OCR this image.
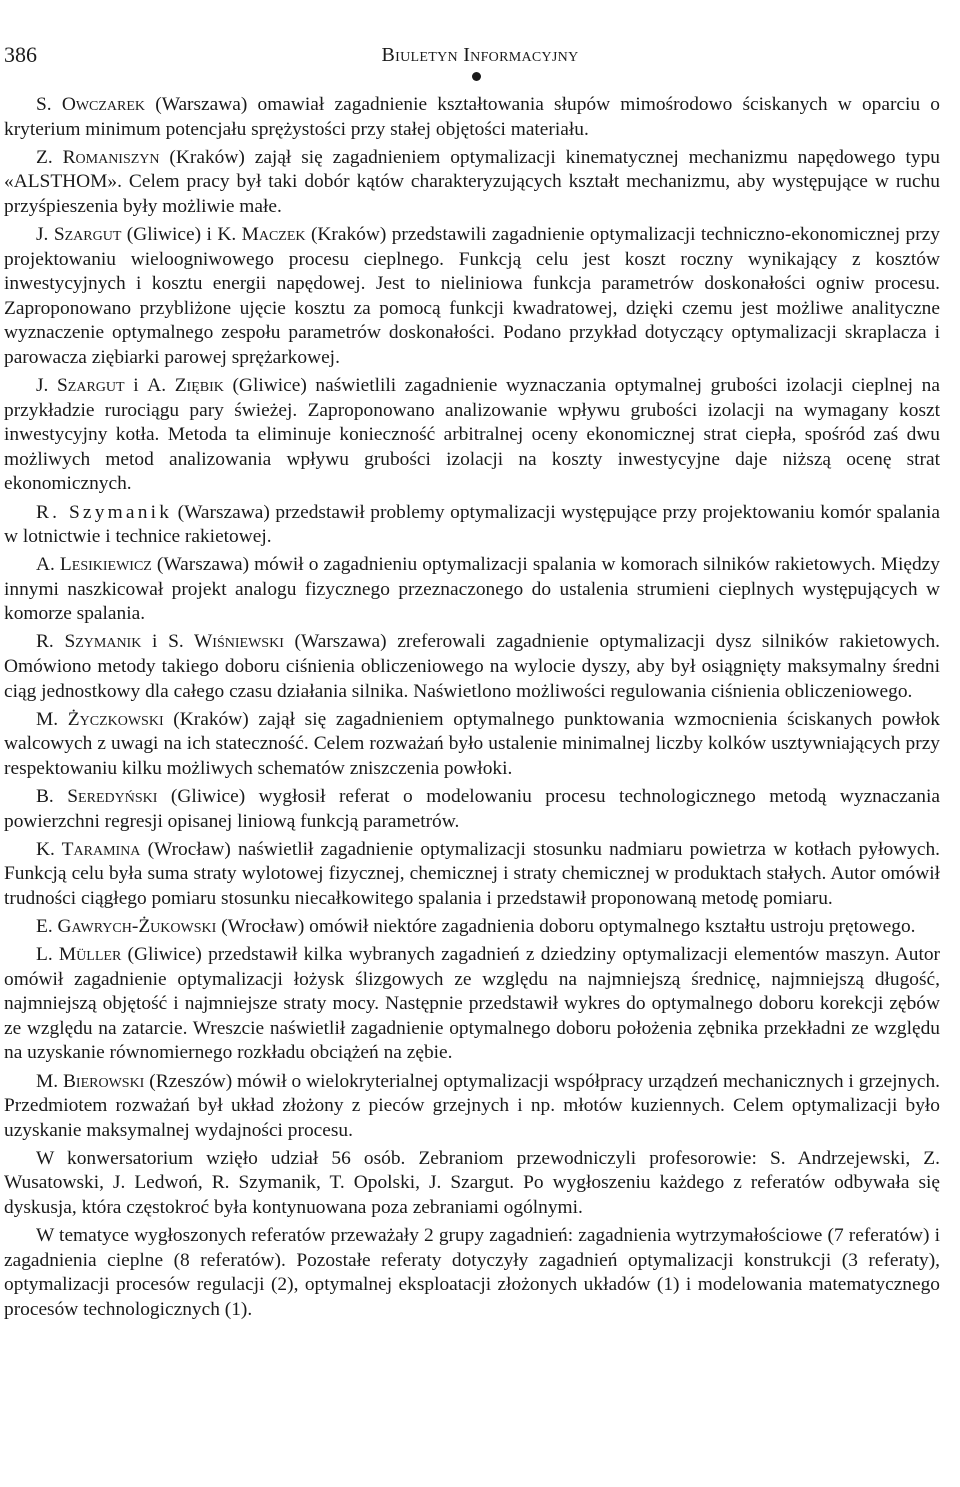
386	Biuletyn Informacyjny

S. Owczarek (Warszawa) omawiał zagadnienie kształtowania słupów mimośrodowo ściskanych w oparciu o kryterium minimum potencjału sprężystości przy stałej objętości materiału.

Z. Romaniszyn (Kraków) zajął się zagadnieniem optymalizacji kinematycznej mechanizmu napędowego typu «ALSTHOM». Celem pracy był taki dobór kątów charakteryzujących kształt mechanizmu, aby występujące w ruchu przyśpieszenia były możliwie małe.

J. Szargut (Gliwice) i K. Maczek (Kraków) przedstawili zagadnienie optymalizacji techniczno-ekonomicznej przy projektowaniu wieloogniwowego procesu cieplnego. Funkcją celu jest koszt roczny wynikający z kosztów inwestycyjnych i kosztu energii napędowej. Jest to nieliniowa funkcja parametrów doskonałości ogniw procesu. Zaproponowano przybliżone ujęcie kosztu za pomocą funkcji kwadratowej, dzięki czemu jest możliwe analityczne wyznaczenie optymalnego zespołu parametrów doskonałości. Podano przykład dotyczący optymalizacji skraplacza i parowacza ziębiarki parowej sprężarkowej.

J. Szargut i A. Ziębik (Gliwice) naświetlili zagadnienie wyznaczania optymalnej grubości izolacji cieplnej na przykładzie rurociągu pary świeżej. Zaproponowano analizowanie wpływu grubości izolacji na wymagany koszt inwestycyjny kotła. Metoda ta eliminuje konieczność arbitralnej oceny ekonomicznej strat ciepła, spośród zaś dwu możliwych metod analizowania wpływu grubości izolacji na koszty inwestycyjne daje niższą ocenę strat ekonomicznych.

R. Szymanik (Warszawa) przedstawił problemy optymalizacji występujące przy projektowaniu komór spalania w lotnictwie i technice rakietowej.

A. Lesikiewicz (Warszawa) mówił o zagadnieniu optymalizacji spalania w komorach silników rakietowych. Między innymi naszkicował projekt analogu fizycznego przeznaczonego do ustalenia strumieni cieplnych występujących w komorze spalania.

R. Szymanik i S. Wiśniewski (Warszawa) zreferowali zagadnienie optymalizacji dysz silników rakietowych. Omówiono metody takiego doboru ciśnienia obliczeniowego na wylocie dyszy, aby był osiągnięty maksymalny średni ciąg jednostkowy dla całego czasu działania silnika. Naświetlono możliwości regulowania ciśnienia obliczeniowego.

M. Życzkowski (Kraków) zajął się zagadnieniem optymalnego punktowania wzmocnienia ściskanych powłok walcowych z uwagi na ich stateczność. Celem rozważań było ustalenie minimalnej liczby kolków usztywniających przy respektowaniu kilku możliwych schematów zniszczenia powłoki.

B. Seredyński (Gliwice) wygłosił referat o modelowaniu procesu technologicznego metodą wyznaczania powierzchni regresji opisanej liniową funkcją parametrów.

K. Taramina (Wrocław) naświetlił zagadnienie optymalizacji stosunku nadmiaru powietrza w kotłach pyłowych. Funkcją celu była suma straty wylotowej fizycznej, chemicznej i straty chemicznej w produktach stałych. Autor omówił trudności ciągłego pomiaru stosunku niecałkowitego spalania i przedstawił proponowaną metodę pomiaru.

E. Gawrych-Żukowski (Wrocław) omówił niektóre zagadnienia doboru optymalnego kształtu ustroju prętowego.

L. Müller (Gliwice) przedstawił kilka wybranych zagadnień z dziedziny optymalizacji elementów maszyn. Autor omówił zagadnienie optymalizacji łożysk ślizgowych ze względu na najmniejszą średnicę, najmniejszą długość, najmniejszą objętość i najmniejsze straty mocy. Następnie przedstawił wykres do optymalnego doboru korekcji zębów ze względu na zatarcie. Wreszcie naświetlił zagadnienie optymalnego doboru położenia zębnika przekładni ze względu na uzyskanie równomiernego rozkładu obciążeń na zębie.

M. Bierowski (Rzeszów) mówił o wielokryterialnej optymalizacji współpracy urządzeń mechanicznych i grzejnych. Przedmiotem rozważań był układ złożony z pieców grzejnych i np. młotów kuziennych. Celem optymalizacji było uzyskanie maksymalnej wydajności procesu.

W konwersatorium wzięło udział 56 osób. Zebraniom przewodniczyli profesorowie: S. Andrzejewski, Z. Wusatowski, J. Ledwoń, R. Szymanik, T. Opolski, J. Szargut. Po wygłoszeniu każdego z referatów odbywała się dyskusja, która częstokroć była kontynuowana poza zebraniami ogólnymi.

W tematyce wygłoszonych referatów przeważały 2 grupy zagadnień: zagadnienia wytrzymałościowe (7 referatów) i zagadnienia cieplne (8 referatów). Pozostałe referaty dotyczyły zagadnień optymalizacji konstrukcji (3 referaty), optymalizacji procesów regulacji (2), optymalnej eksploatacji złożonych układów (1) i modelowania matematycznego procesów technologicznych (1).
